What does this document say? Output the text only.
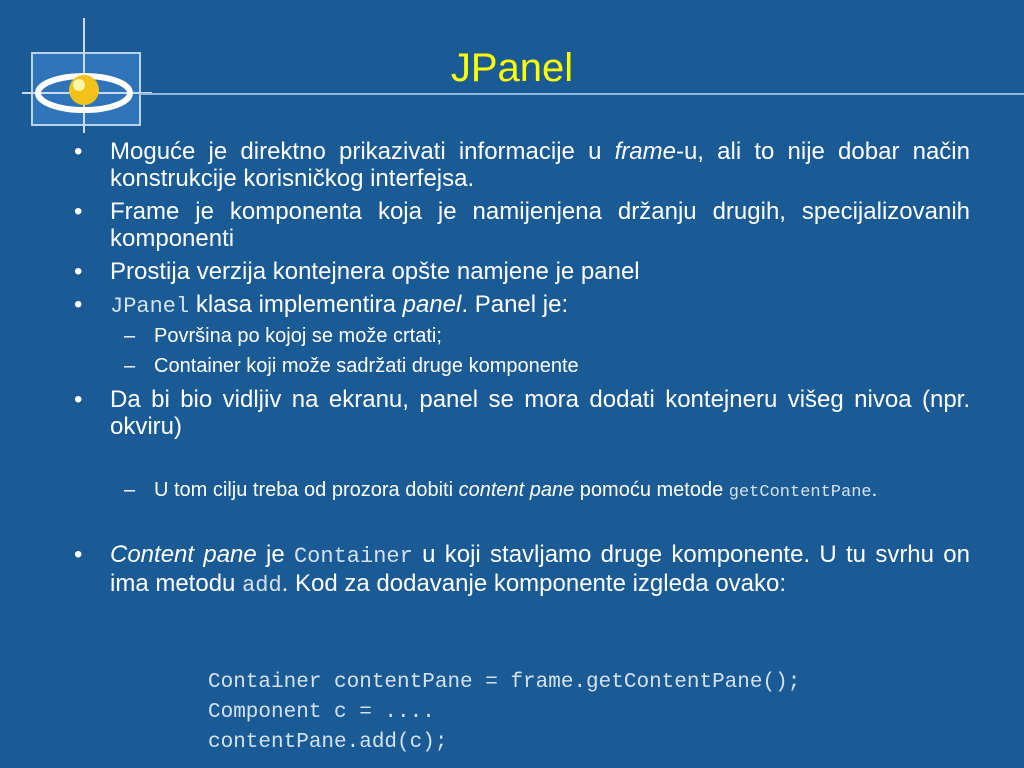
JPanel
• Moguće je direktno prikazivati informacije u frame-u, ali to nije dobar način konstrukcije korisničkog interfejsa.
• Frame je komponenta koja je namijenjena držanju drugih, specijalizovanih komponenti
• Prostija verzija kontejnera opšte namjene je panel
• JPanel klasa implementira panel. Panel je:
– Površina po kojoj se može crtati;
– Container koji može sadržati druge komponente
• Da bi bio vidljiv na ekranu, panel se mora dodati kontejneru višeg nivoa (npr. okviru)
– U tom cilju treba od prozora dobiti content pane pomoću metode getContentPane.
• Content pane je Container u koji stavljamo druge komponente. U tu svrhu on ima metodu add. Kod za dodavanje komponente izgleda ovako:
Container contentPane = frame.getContentPane();
Component c = ....
contentPane.add(c);
